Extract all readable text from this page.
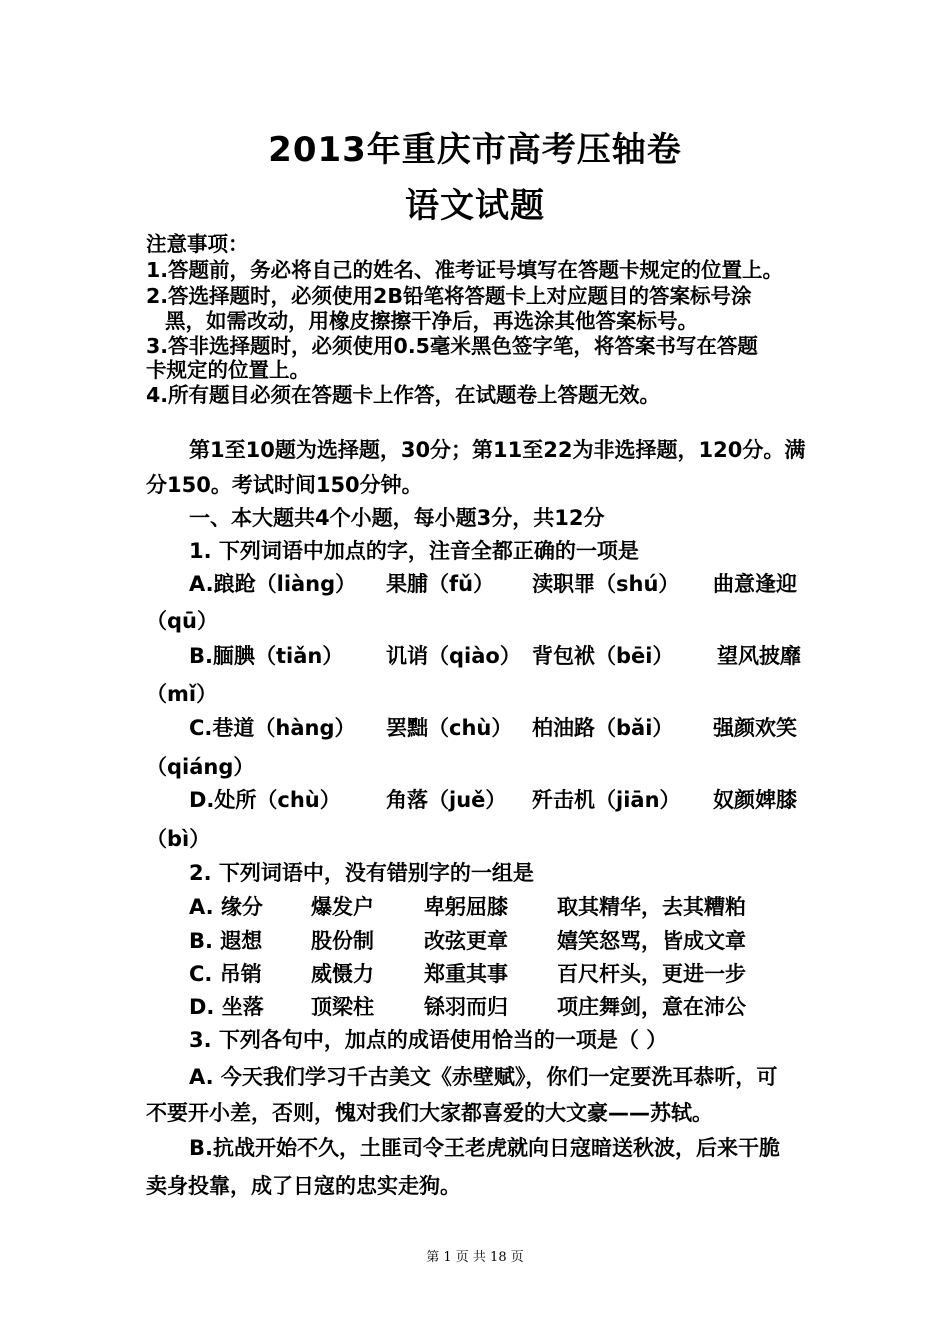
2013年重庆市高考压轴卷
语文试题
注意事项：
1.答题前，务必将自己的姓名、准考证号填写在答题卡规定的位置上。
2.答选择题时，必须使用2B铅笔将答题卡上对应题目的答案标号涂
黑，如需改动，用橡皮擦擦干净后，再选涂其他答案标号。
3.答非选择题时，必须使用0.5毫米黑色签字笔，将答案书写在答题
卡规定的位置上。
4.所有题目必须在答题卡上作答，在试题卷上答题无效。
第1至10题为选择题，30分；第11至22为非选择题，120分。满
分150。考试时间150分钟。
一、本大题共4个小题，每小题3分，共12分
1. 下列词语中加点的字，注音全都正确的一项是
A.踉跄（liàng） 果脯（fǔ） 渎职罪（shú） 曲意逢迎
（qū）
B.腼腆（tiǎn） 讥诮（qiào） 背包袱（bēi） 望风披靡
（mǐ）
C.巷道（hàng） 罢黜（chù） 柏油路（bǎi） 强颜欢笑
（qiáng）
D.处所（chù） 角落（juě） 歼击机（jiān） 奴颜婢膝
（bì）
2. 下列词语中，没有错别字的一组是
A. 缘分 爆发户 卑躬屈膝 取其精华，去其糟粕
B. 遐想 股份制 改弦更章 嬉笑怒骂，皆成文章
C. 吊销 威慑力 郑重其事 百尺杆头，更进一步
D. 坐落 顶梁柱 铩羽而归 项庄舞剑，意在沛公
3. 下列各句中，加点的成语使用恰当的一项是（ ）
A. 今天我们学习千古美文《赤壁赋》，你们一定要洗耳恭听，可
不要开小差，否则，愧对我们大家都喜爱的大文豪——苏轼。
B.抗战开始不久，土匪司令王老虎就向日寇暗送秋波，后来干脆
卖身投靠，成了日寇的忠实走狗。
第 1 页 共 18 页
